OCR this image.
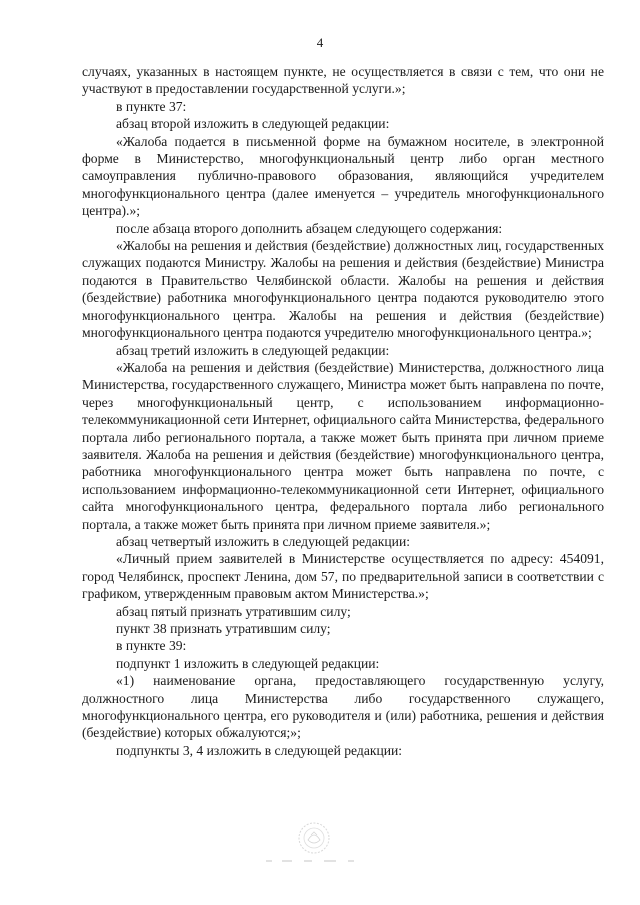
4

случаях, указанных в настоящем пункте, не осуществляется в связи с тем, что они не участвуют в предоставлении государственной услуги.»;

в пункте 37:

абзац второй изложить в следующей редакции:

«Жалоба подается в письменной форме на бумажном носителе, в электронной форме в Министерство, многофункциональный центр либо орган местного самоуправления публично-правового образования, являющийся учредителем многофункционального центра (далее именуется – учредитель многофункционального центра).»;

после абзаца второго дополнить абзацем следующего содержания:

«Жалобы на решения и действия (бездействие) должностных лиц, государственных служащих подаются Министру. Жалобы на решения и действия (бездействие) Министра подаются в Правительство Челябинской области. Жалобы на решения и действия (бездействие) работника многофункционального центра подаются руководителю этого многофункционального центра. Жалобы на решения и действия (бездействие) многофункционального центра подаются учредителю многофункционального центра.»;

абзац третий изложить в следующей редакции:

«Жалоба на решения и действия (бездействие) Министерства, должностного лица Министерства, государственного служащего, Министра может быть направлена по почте, через многофункциональный центр, с использованием информационно-телекоммуникационной сети Интернет, официального сайта Министерства, федерального портала либо регионального портала, а также может быть принята при личном приеме заявителя. Жалоба на решения и действия (бездействие) многофункционального центра, работника многофункционального центра может быть направлена по почте, с использованием информационно-телекоммуникационной сети Интернет, официального сайта многофункционального центра, федерального портала либо регионального портала, а также может быть принята при личном приеме заявителя.»;

абзац четвертый изложить в следующей редакции:

«Личный прием заявителей в Министерстве осуществляется по адресу: 454091, город Челябинск, проспект Ленина, дом 57, по предварительной записи в соответствии с графиком, утвержденным правовым актом Министерства.»;

абзац пятый признать утратившим силу;

пункт 38 признать утратившим силу;

в пункте 39:

подпункт 1 изложить в следующей редакции:

«1) наименование органа, предоставляющего государственную услугу, должностного лица Министерства либо государственного служащего, многофункционального центра, его руководителя и (или) работника, решения и действия (бездействие) которых обжалуются;»;

подпункты 3, 4 изложить в следующей редакции:
